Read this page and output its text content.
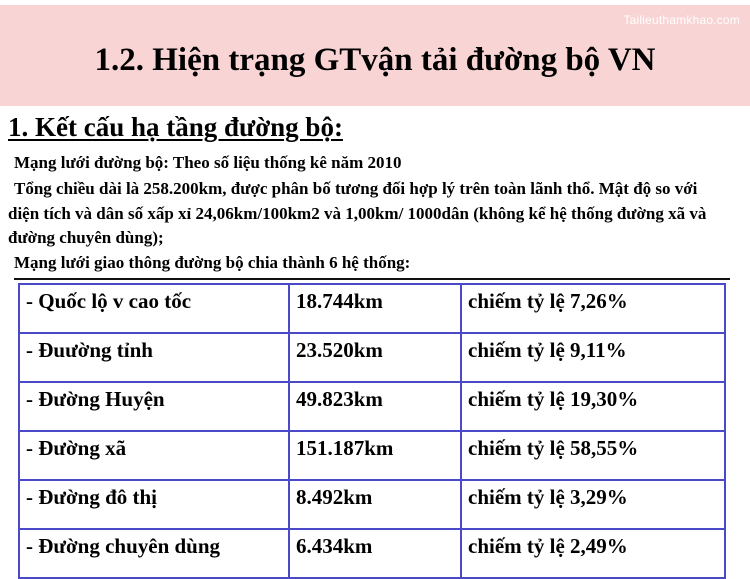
Tailieuthamkhao.com
1.2. Hiện trạng GTvận tải đường bộ VN
1. Kết cấu hạ tầng đường bộ:

Mạng lưới đường bộ: Theo số liệu thống kê năm 2010

Tổng chiều dài là 258.200km, được phân bố tương đối hợp lý trên toàn lãnh thổ. Mật độ so với diện tích và dân số xấp xỉ 24,06km/100km2 và 1,00km/ 1000dân (không kể hệ thống đường xã và đường chuyên dùng);

Mạng lưới giao thông đường bộ chia thành 6 hệ thống:

- Quốc lộ v cao tốc	18.744km	chiếm tỷ lệ 7,26%
- Đuường tỉnh	23.520km	chiếm tỷ lệ 9,11%
- Đường Huyện	49.823km	chiếm tỷ lệ 19,30%
- Đường xã	151.187km	chiếm tỷ lệ 58,55%
- Đường đô thị	8.492km	chiếm tỷ lệ 3,29%
- Đường chuyên dùng	6.434km	chiếm tỷ lệ 2,49%
